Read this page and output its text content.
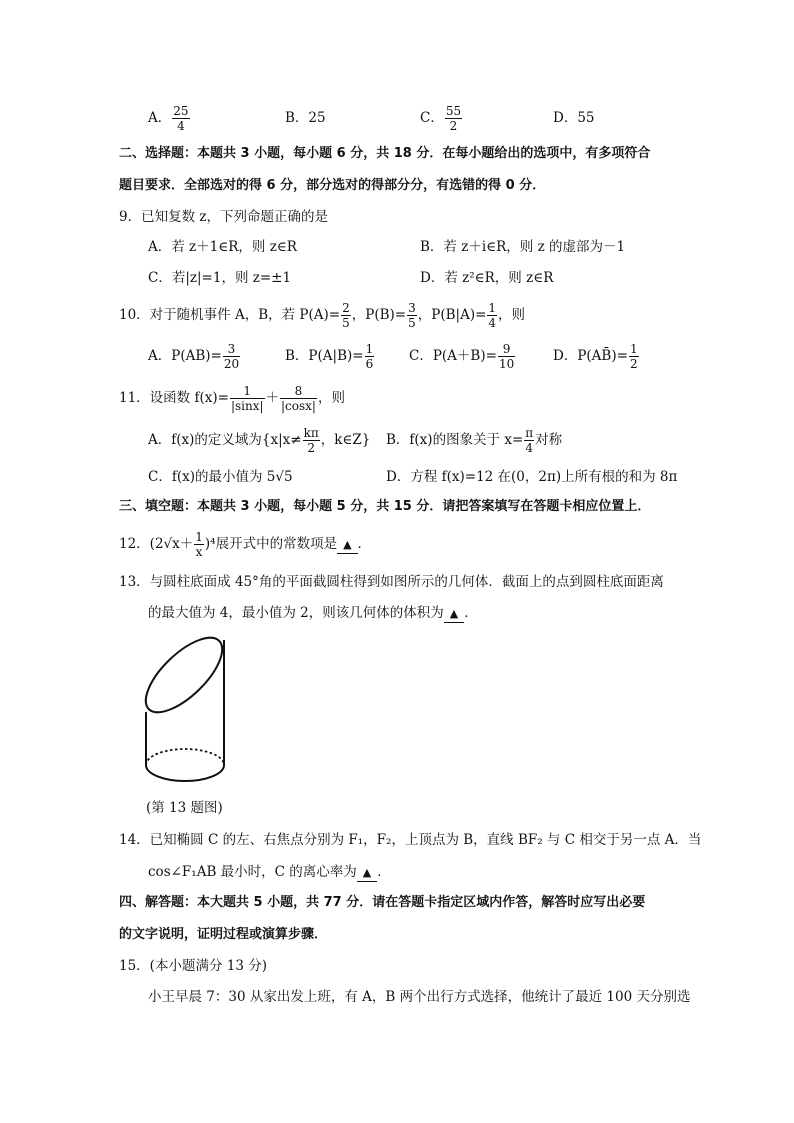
A． $\frac{25}{4}$	B．25	C． $\frac{55}{2}$	D．55
二、选择题：本题共 3 小题，每小题 6 分，共 18 分．在每小题给出的选项中，有多项符合
题目要求．全部选对的得 6 分，部分选对的得部分分，有选错的得 0 分．
9．已知复数 z，下列命题正确的是
A．若 z＋1∈R，则 z∈R	B．若 z＋i∈R，则 z 的虚部为－1
C．若|z|=1，则 z=±1	D．若 z²∈R，则 z∈R
10．对于随机事件 A，B，若 $P(A)= \frac{2}{5}$ ，$P(B)= \frac{3}{5}$ ，$P(B|A)= \frac{1}{4}$ ，则
A．$P(AB)= \frac{3}{20}$	B．$P(A|B)= \frac{1}{6}$	C．$P(A+B)= \frac{9}{10}$	D．P(AB̄)= $\frac{1}{2}$
11．设函数 $f(x)= \frac{1}{|\sin x|} + \frac{8}{|\cos x|}$ ，则
A．f(x)的定义域为{$x|x\ne \frac{k\pi}{2}$ ，k∈Z} B．f(x)的图象关于 $x= \frac{\pi}{4}$ 对称
C．f(x)的最小值为 5√5	D．方程 f(x)=12 在(0，2π)上所有根的和为 8π
三、填空题：本题共 3 小题，每小题 5 分，共 15 分．请把答案填写在答题卡相应位置上．
12．$(2√x+ \frac{1}{x} )^4$展开式中的常数项是 ▲ ．
13．与圆柱底面成 45°角的平面截圆柱得到如图所示的几何体．截面上的点到圆柱底面距离
的最大值为 4，最小值为 2，则该几何体的体积为 ▲ ．
(第 13 题图)
14．已知椭圆 C 的左、右焦点分别为 F₁，F₂，上顶点为 B，直线 BF₂ 与 C 相交于另一点 A．当
cos∠F₁AB 最小时，C 的离心率为 ▲ ．
四、解答题：本大题共 5 小题，共 77 分．请在答题卡指定区域内作答，解答时应写出必要
的文字说明，证明过程或演算步骤．
15．(本小题满分 13 分)
小王早晨 7：30 从家出发上班，有 A，B 两个出行方式选择，他统计了最近 100 天分别选
